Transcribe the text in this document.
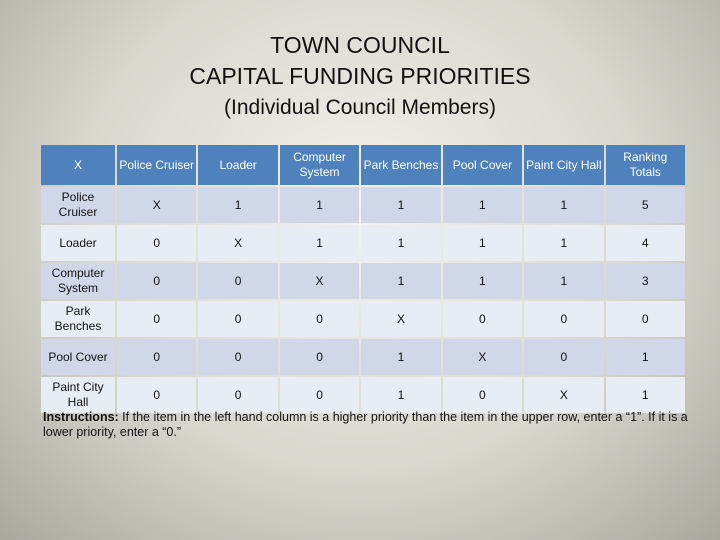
TOWN COUNCIL
CAPITAL FUNDING PRIORITIES
(Individual Council Members)
X	Police Cruiser	Loader	Computer System	Park Benches	Pool Cover	Paint City Hall	Ranking Totals
Police Cruiser	X	1	1	1	1	1	5
Loader	0	X	1	1	1	1	4
Computer System	0	0	X	1	1	1	3
Park Benches	0	0	0	X	0	0	0
Pool Cover	0	0	0	1	X	0	1
Paint City Hall	0	0	0	1	0	X	1
Instructions: If the item in the left hand column is a higher priority than the item in the upper row, enter a “1”. If it is a lower priority, enter a “0.”
